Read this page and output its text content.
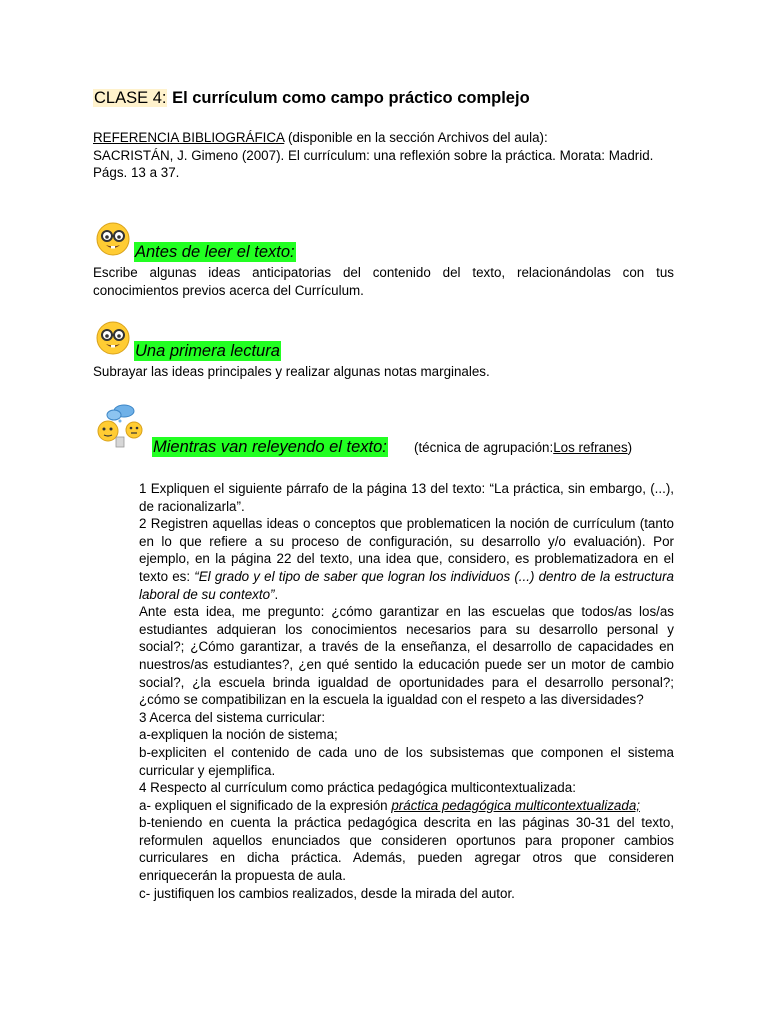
CLASE 4: El currículum como campo práctico complejo
REFERENCIA BIBLIOGRÁFICA (disponible en la sección Archivos del aula):
SACRISTÁN, J. Gimeno (2007). El currículum: una reflexión sobre la práctica. Morata: Madrid. Págs. 13 a 37.
Antes de leer el texto:
Escribe algunas ideas anticipatorias del contenido del texto, relacionándolas con tus conocimientos previos acerca del Currículum.
Una primera lectura
Subrayar las ideas principales y realizar algunas notas marginales.
Mientras van releyendo el texto: (técnica de agrupación:Los refranes)

1 Expliquen el siguiente párrafo de la página 13 del texto: “La práctica, sin embargo, (...), de racionalizarla”.

2 Registren aquellas ideas o conceptos que problematicen la noción de currículum (tanto en lo que refiere a su proceso de configuración, su desarrollo y/o evaluación). Por ejemplo, en la página 22 del texto, una idea que, considero, es problematizadora en el texto es: “El grado y el tipo de saber que logran los individuos (...) dentro de la estructura laboral de su contexto”.

Ante esta idea, me pregunto: ¿cómo garantizar en las escuelas que todos/as los/as estudiantes adquieran los conocimientos necesarios para su desarrollo personal y social?; ¿Cómo garantizar, a través de la enseñanza, el desarrollo de capacidades en nuestros/as estudiantes?, ¿en qué sentido la educación puede ser un motor de cambio social?, ¿la escuela brinda igualdad de oportunidades para el desarrollo personal?; ¿cómo se compatibilizan en la escuela la igualdad con el respeto a las diversidades?

3 Acerca del sistema curricular:

a-expliquen la noción de sistema;

b-expliciten el contenido de cada uno de los subsistemas que componen el sistema curricular y ejemplifica.

4 Respecto al currículum como práctica pedagógica multicontextualizada:

a- expliquen el significado de la expresión práctica pedagógica multicontextualizada;

b-teniendo en cuenta la práctica pedagógica descrita en las páginas 30-31 del texto, reformulen aquellos enunciados que consideren oportunos para proponer cambios curriculares en dicha práctica. Además, pueden agregar otros que consideren enriquecerán la propuesta de aula.

c- justifiquen los cambios realizados, desde la mirada del autor.
